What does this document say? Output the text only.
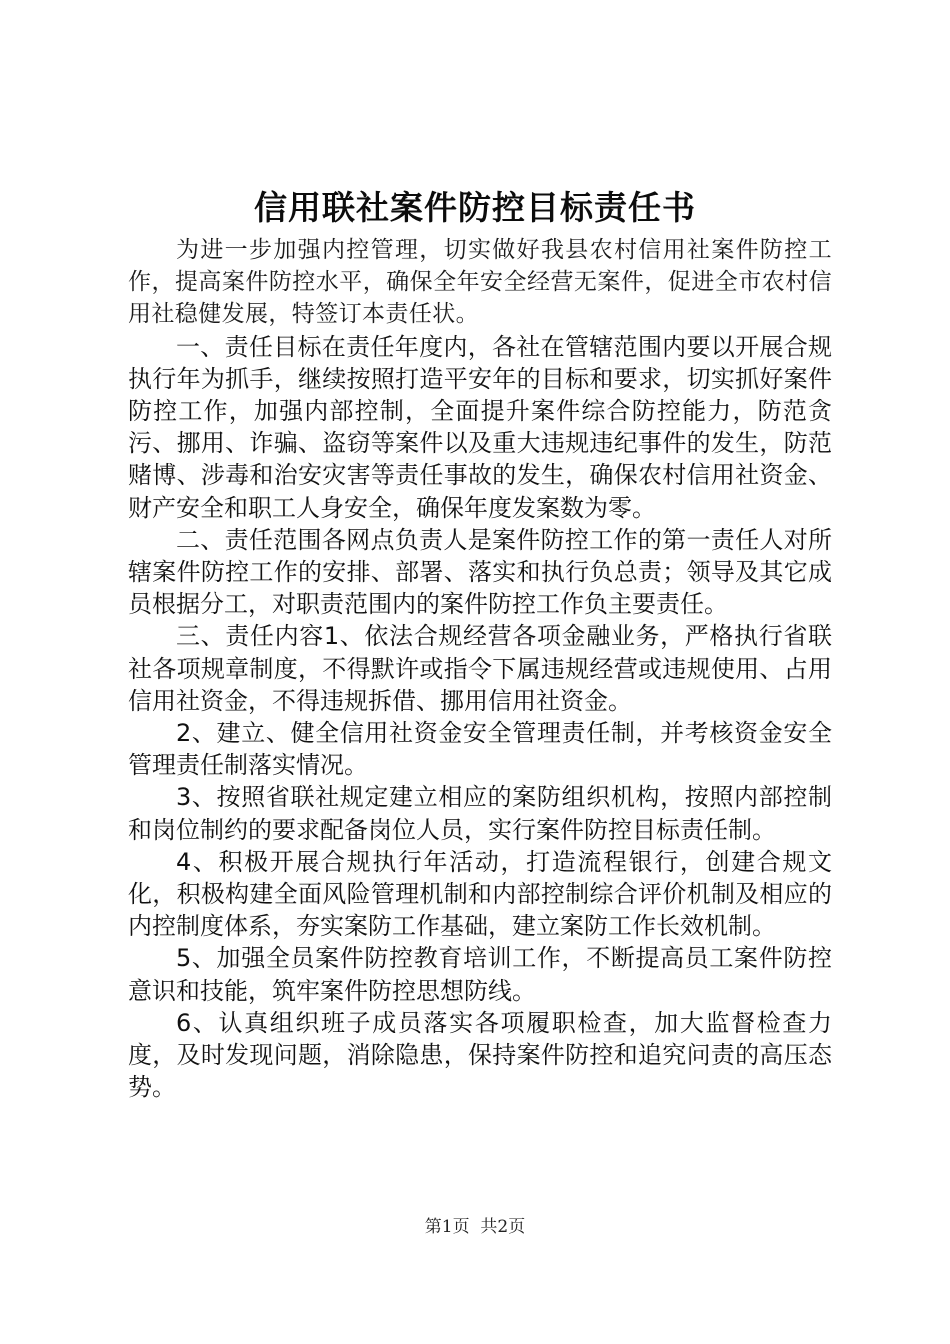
信用联社案件防控目标责任书

为进一步加强内控管理，切实做好我县农村信用社案件防控工作，提高案件防控水平，确保全年安全经营无案件，促进全市农村信用社稳健发展，特签订本责任状。

一、责任目标在责任年度内，各社在管辖范围内要以开展合规执行年为抓手，继续按照打造平安年的目标和要求，切实抓好案件防控工作，加强内部控制，全面提升案件综合防控能力，防范贪污、挪用、诈骗、盗窃等案件以及重大违规违纪事件的发生，防范赌博、涉毒和治安灾害等责任事故的发生，确保农村信用社资金、财产安全和职工人身安全，确保年度发案数为零。

二、责任范围各网点负责人是案件防控工作的第一责任人对所辖案件防控工作的安排、部署、落实和执行负总责；领导及其它成员根据分工，对职责范围内的案件防控工作负主要责任。

三、责任内容1、依法合规经营各项金融业务，严格执行省联社各项规章制度，不得默许或指令下属违规经营或违规使用、占用信用社资金，不得违规拆借、挪用信用社资金。

2、建立、健全信用社资金安全管理责任制，并考核资金安全管理责任制落实情况。

3、按照省联社规定建立相应的案防组织机构，按照内部控制和岗位制约的要求配备岗位人员，实行案件防控目标责任制。

4、积极开展合规执行年活动，打造流程银行，创建合规文化，积极构建全面风险管理机制和内部控制综合评价机制及相应的内控制度体系，夯实案防工作基础，建立案防工作长效机制。

5、加强全员案件防控教育培训工作，不断提高员工案件防控意识和技能，筑牢案件防控思想防线。

6、认真组织班子成员落实各项履职检查，加大监督检查力度，及时发现问题，消除隐患，保持案件防控和追究问责的高压态势。

第1页  共2页
